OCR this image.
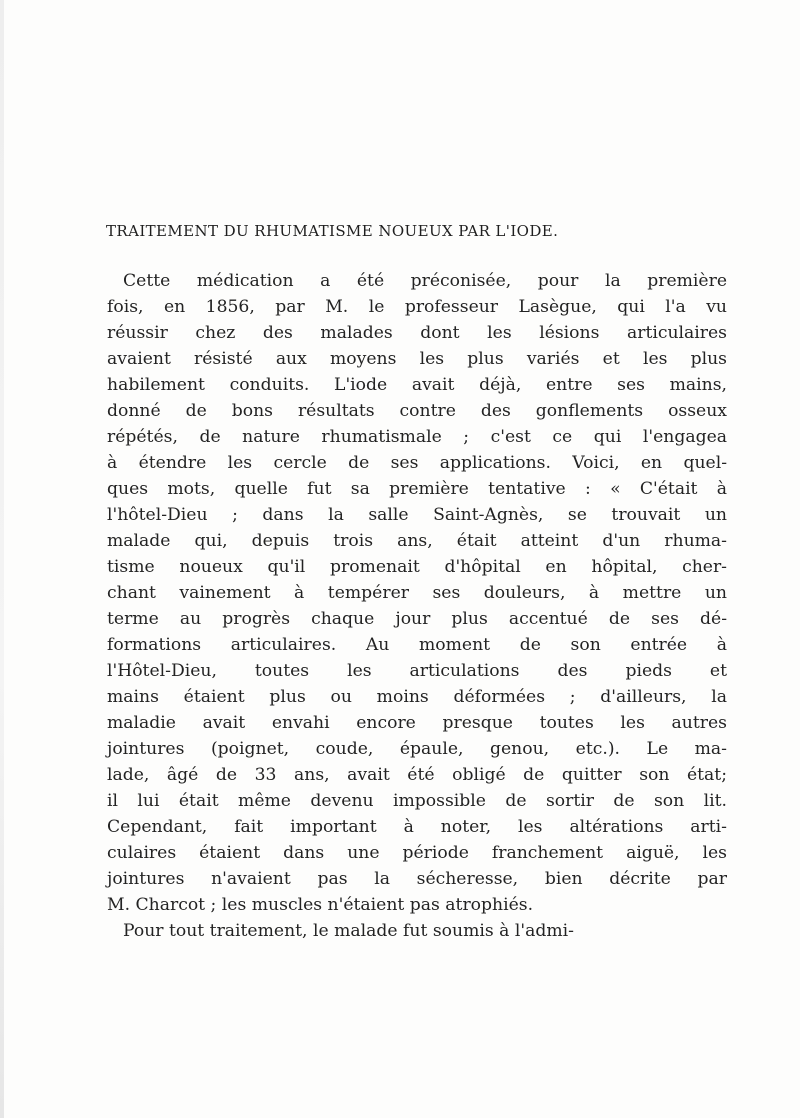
TRAITEMENT DU RHUMATISME NOUEUX PAR L'IODE.
Cette médication a été préconisée, pour la première
fois, en 1856, par M. le professeur Lasègue, qui l'a vu
réussir chez des malades dont les lésions articulaires
avaient résisté aux moyens les plus variés et les plus
habilement conduits. L'iode avait déjà, entre ses mains,
donné de bons résultats contre des gonflements osseux
répétés, de nature rhumatismale ; c'est ce qui l'engagea
à étendre les cercle de ses applications. Voici, en quel-
ques mots, quelle fut sa première tentative : « C'était à
l'hôtel-Dieu ; dans la salle Saint-Agnès, se trouvait un
malade qui, depuis trois ans, était atteint d'un rhuma-
tisme noueux qu'il promenait d'hôpital en hôpital, cher-
chant vainement à tempérer ses douleurs, à mettre un
terme au progrès chaque jour plus accentué de ses dé-
formations articulaires. Au moment de son entrée à
l'Hôtel-Dieu, toutes les articulations des pieds et
mains étaient plus ou moins déformées ; d'ailleurs, la
maladie avait envahi encore presque toutes les autres
jointures (poignet, coude, épaule, genou, etc.). Le ma-
lade, âgé de 33 ans, avait été obligé de quitter son état;
il lui était même devenu impossible de sortir de son lit.
Cependant, fait important à noter, les altérations arti-
culaires étaient dans une période franchement aiguë, les
jointures n'avaient pas la sécheresse, bien décrite par
M. Charcot ; les muscles n'étaient pas atrophiés.
Pour tout traitement, le malade fut soumis à l'admi-
